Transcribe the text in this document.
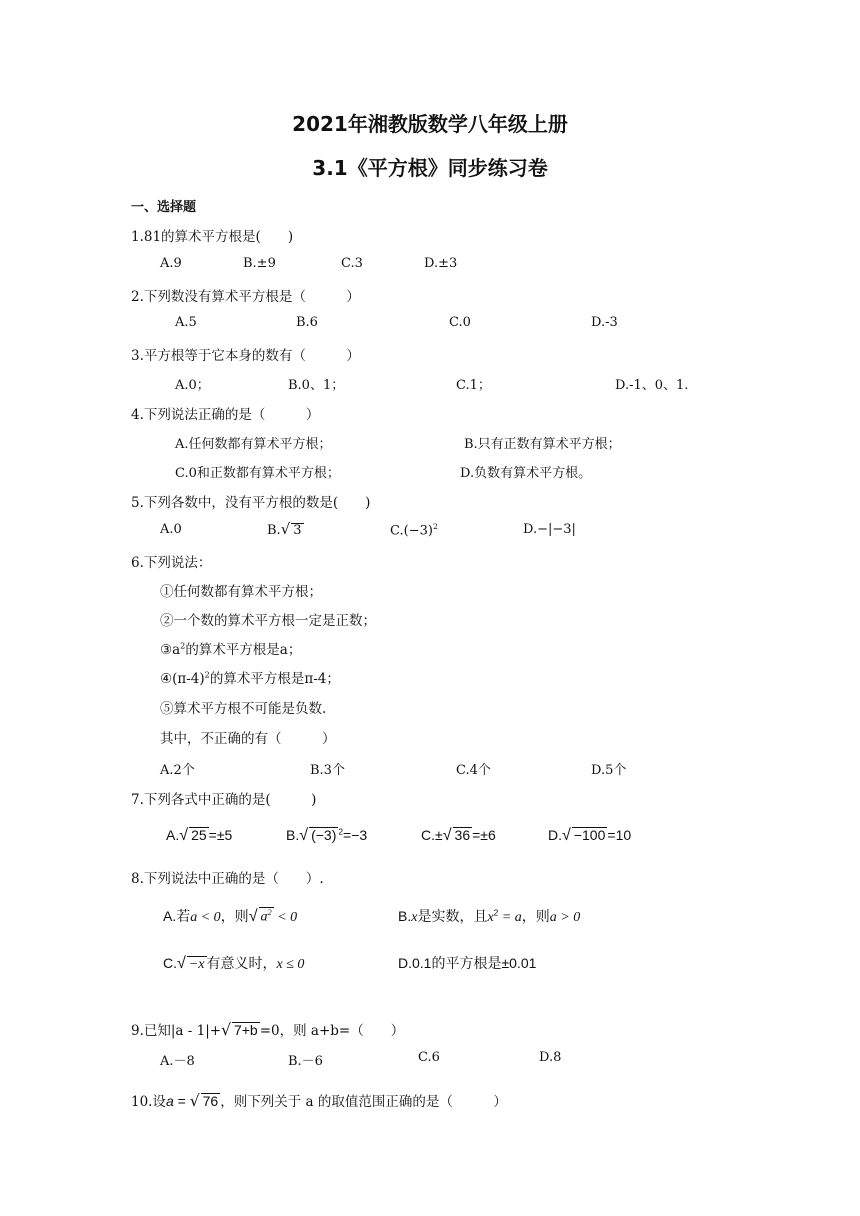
2021年湘教版数学八年级上册
3.1《平方根》同步练习卷
一、选择题
1.81的算术平方根是(　　)
A.9	B.±9	C.3	D.±3
2.下列数没有算术平方根是（　　　）
A.5	B.6	C.0	D.-3
3.平方根等于它本身的数有（　　　）
A.0；	B.0、1；	C.1；	D.-1、0、1.
4.下列说法正确的是（　　　）
A.任何数都有算术平方根；	B.只有正数有算术平方根；
C.0和正数都有算术平方根；	D.负数有算术平方根。
5.下列各数中，没有平方根的数是(　　)
A.0	B.√ 3	$C.(-3)^2$	D.−|−3|
6.下列说法：
①任何数都有算术平方根；
②一个数的算术平方根一定是正数；
$③a^2$的算术平方根是a；
$④(\pi-4)^2$的算术平方根是π-4；
⑤算术平方根不可能是负数.
其中，不正确的有（　　　）
A.2个	B.3个	C.4个	D.5个
7.下列各式中正确的是(　　　)
A.√ 25 =±5	B.√ (−3) $^2$=−3	C.±√ 36 =±6	D.√ −100 =10
8.下列说法中正确的是（　　）.
A.若a < 0，则√ $a^2 < 0$	B.x是实数，且$x^2 = a$，则a > 0
C.√ −x 有意义时，x ≤ 0	D.0.1的平方根是±0.01
9.已知|a - 1|+√ 7+b =0，则 a+b=（　　）
A.－8	B.－6	C.6	D.8
10.设a = √ 76 ，则下列关于 a 的取值范围正确的是（　　　）
